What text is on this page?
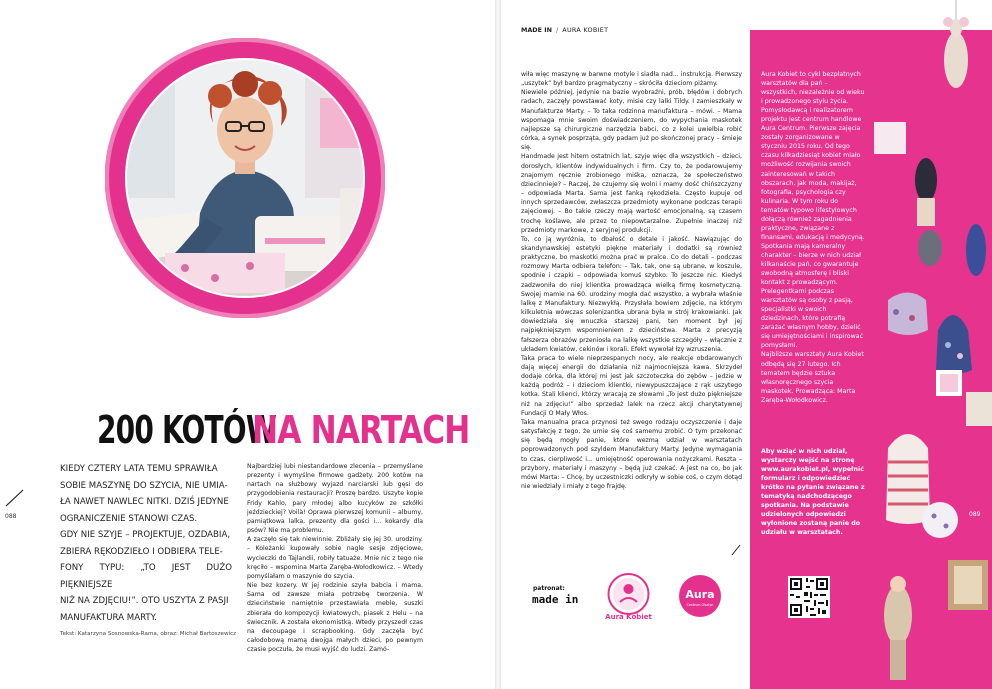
200 KOTÓW
NA NARTACH

KIEDY CZTERY LATA TEMU SPRAWIŁA

SOBIE MASZYNĘ DO SZYCIA, NIE UMIA-

ŁA NAWET NAWLEC NITKI. DZIŚ JEDYNE

OGRANICZENIE STANOWI CZAS.

GDY NIE SZYJE – PROJEKTUJE, OZDABIA,

ZBIERA RĘKODZIEŁO I ODBIERA TELE-

FONY TYPU: „TO JEST DUŻO PIĘKNIEJSZE

NIŻ NA ZDJĘCIU!”. OTO USZYTA Z PASJI

MANUFAKTURA MARTY.

088
Tekst: Katarzyna Sosnowska-Rama, obraz: Michał Bartoszewicz

Najbardziej lubi niestandardowe zlecenia – przemyślane prezenty i wymyślne firmowe gadżety. 200 kotów na nartach na służbowy wyjazd narciarski lub gęsi do przygodobienia restauracji? Proszę bardzo. Uszyte kopie Fridy Kahlo, pary młodej albo kucyków ze szkółki jeździeckiej? Voilà! Oprawa pierwszej komunii – albumy, pamiątkowa lalka, prezenty dla gości i... kokardy dla psów? Nie ma problemu.

A zaczęło się tak niewinnie. Zbliżały się jej 30. urodziny. – Koleżanki kupowały sobie nagle sesje zdjęciowe, wycieczki do Tajlandii, robiły tatuaże. Mnie nic z tego nie kręciło – wspomina Marta Zaręba-Wołodkowicz. – Wtedy pomyślałam o maszynie do szycia.

Nie bez kozery. W jej rodzinie szyła babcia i mama. Sama od zawsze miała potrzebę tworzenia. W dzieciństwie namiętnie przestawiała meble, suszki zbierała do kompozycji kwiatowych, piasek z Helu – na świecznik. A została ekonomistką. Wtedy przyszedł czas na decoupage i scrapbooking. Gdy zaczęła być całodobową mamą dwojga małych dzieci, po pewnym czasie poczuła, że musi wyjść do ludzi. Zamó-

MADE IN / AURA KOBIET

wiła więc maszynę w barwne motyle i siadła nad... instrukcją. Pierwszy „uszytek” był bardzo pragmatyczny – skróciła dzieciom piżamy.

Niewiele później, jedynie na bazie wyobraźni, prób, błędów i dobrych radach, zaczęły powstawać koty, misie czy lalki Tildy. I zamieszkały w Manufakturze Marty. – To taka rodzinna manufaktura – mówi. – Mama wspomaga mnie swoim doświadczeniem, do wypychania maskotek najlepsze są chirurgiczne narzędzia babci, co z kolei uwielbia robić córka, a synek posprząta, gdy padam już po skończonej pracy – śmieje się.

Handmade jest hitem ostatnich lat, szyje więc dla wszystkich – dzieci, dorosłych, klientów indywidualnych i firm. Czy to, że podarowujemy znajomym ręcznie zrobionego miśka, oznacza, że społeczeństwo dziecinnieje? – Raczej, że czujemy się wolni i mamy dość chińszczyzny – odpowiada Marta. Sama jest fanką rękodzieła. Często kupuje od innych sprzedawców, zwłaszcza przedmioty wykonane podczas terapii zajęciowej. – Bo takie rzeczy mają wartość emocjonalną, są czasem trochę koślawe, ale przez to niepowtarzalne. Zupełnie inaczej niż przedmioty markowe, z seryjnej produkcji.

To, co ją wyróżnia, to dbałość o detale i jakość. Nawiązując do skandynawskiej estetyki piękne materiały i dodatki są również praktyczne, bo maskotki można prać w pralce. Co do detali – podczas rozmowy Marta odbiera telefon: – Tak, tak, one są ubrane, w koszule, spodnie i czapki – odpowiada komuś szybko. To jeszcze nic. Kiedyś zadzwoniła do niej klientka prowadząca wielką firmę kosmetyczną. Swojej mamie na 60. urodziny mogła dać wszystko, a wybrała właśnie lalkę z Manufaktury. Niezwykłą. Przysłała bowiem zdjęcie, na którym kilkuletnia wówczas solenizantka ubrana była w strój krakowianki. Jak dowiedziała się wnuczka starszej pani, ten moment był jej najpiękniejszym wspomnieniem z dzieciństwa. Marta z precyzją fałszerza obrazów przeniosła na lalkę wszystkie szczegóły – włącznie z układem kwiatów, cekinów i korali. Efekt wywołał łzy wzruszenia.

Taka praca to wiele nieprzespanych nocy, ale reakcje obdarowanych dają więcej energii do działania niż najmocniejsza kawa. Skrzydeł dodaje córka, dla której mi jest jak szczoteczka do zębów – jedzie w każdą podróż – i dzieciom klientki, niewypuszczające z rąk uszytego kotka. Stali klienci, którzy wracają ze słowami „To jest dużo piękniejsze niż na zdjęciu!” albo sprzedaż lalek na rzecz akcji charytatywnej Fundacji O Mały Włos.

Taka manualna praca przynosi też swego rodzaju oczyszczenie i daje satysfakcję z tego, że umie się coś samemu zrobić. O tym przekonać się będą mogły panie, które wezmą udział w warsztatach poprowadzonych pod szyldem Manufaktury Marty. Jedyne wymagania to czas, cierpliwość i... umiejętność operowania nożyczkami. Reszta – przybory, materiały i maszyny – będą już czekać. A jest na co, bo jak mówi Marta: – Chcę, by uczestniczki odkryły w sobie coś, o czym dotąd nie wiedziały i miały z tego frajdę.

patronat:
made in
Aura Kobiet
Aura
Centrum Olsztyn

Aura Kobiet to cykl bezpłatnych warsztatów dla pań – wszystkich, niezależnie od wieku i prowadzonego stylu życia. Pomysłodawcą i realizatorem projektu jest centrum handlowe Aura Centrum. Pierwsze zajęcia zostały zorganizowane w styczniu 2015 roku. Od tego czasu kilkadziesiąt kobiet miało możliwość rozwijania swoich zainteresowań w takich obszarach, jak moda, makijaż, fotografia, psychologia czy kulinaria. W tym roku do tematów typowo lifestylowych dołączą również zagadnienia praktyczne, związane z finansami, edukacją i medycyną. Spotkania mają kameralny charakter – bierze w nich udział kilkanaście pań, co gwarantuje swobodną atmosferę i bliski kontakt z prowadzącym. Prelegentkami podczas warsztatów są osoby z pasją, specjalistki w swoich dziedzinach, które potrafią zarażać własnym hobby, dzielić się umiejętnościami i inspirować pomysłami.

Najbliższe warsztaty Aura Kobiet odbędą się 27 lutego. Ich tematem będzie sztuka własnoręcznego szycia maskotek. Prowadząca: Marta Zaręba-Wołodkowicz.

Aby wziąć w nich udział, wystarczy wejść na stronę www.aurakobiet.pl, wypełnić formularz i odpowiedzieć krótko na pytanie związane z tematyką nadchodzącego spotkania. Na podstawie udzielonych odpowiedzi wyłonione zostaną panie do udziału w warsztatach.
089
